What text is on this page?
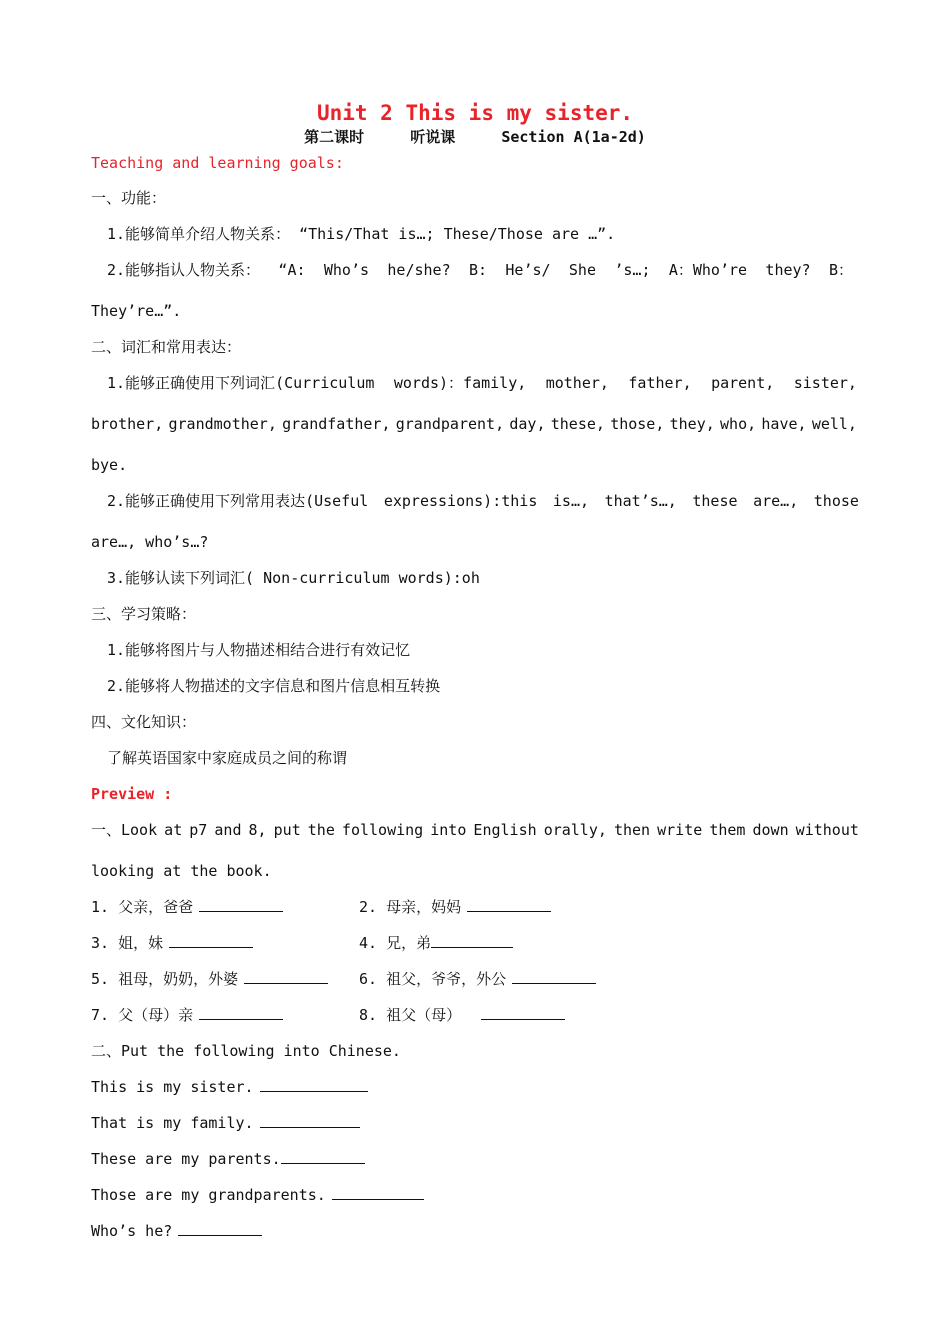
Unit 2 This is my sister.
第二课时	听说课	Section A(1a-2d)
Teaching and learning goals:
一、功能：
1.能够简单介绍人物关系： “This/That is…; These/Those are …”.
2.能够指认人物关系： “A: Who’s he/she? B: He’s/ She ’s…; A：Who’re they? B：
They’re…”.
二、词汇和常用表达：
1.能够正确使用下列词汇(Curriculum words)：family, mother, father, parent, sister,
brother, grandmother, grandfather, grandparent, day, these, those, they, who, have, well,
bye.
2.能够正确使用下列常用表达(Useful expressions):this is…, that’s…, these are…, those
are…, who’s…?
3.能够认读下列词汇( Non-curriculum words):oh
三、学习策略：
1.能够将图片与人物描述相结合进行有效记忆
2.能够将人物描述的文字信息和图片信息相互转换
四、文化知识：
了解英语国家中家庭成员之间的称谓
Preview :
一、Look at p7 and 8, put the following into English orally, then write them down without
looking at the book.
1. 父亲，爸爸	2. 母亲，妈妈
3. 姐，妹	4. 兄，弟
5. 祖母，奶奶，外婆	6. 祖父，爷爷，外公
7. 父（母）亲	8. 祖父（母）
二、Put the following into Chinese.
This is my sister.
That is my family.
These are my parents.
Those are my grandparents.
Who’s he?
